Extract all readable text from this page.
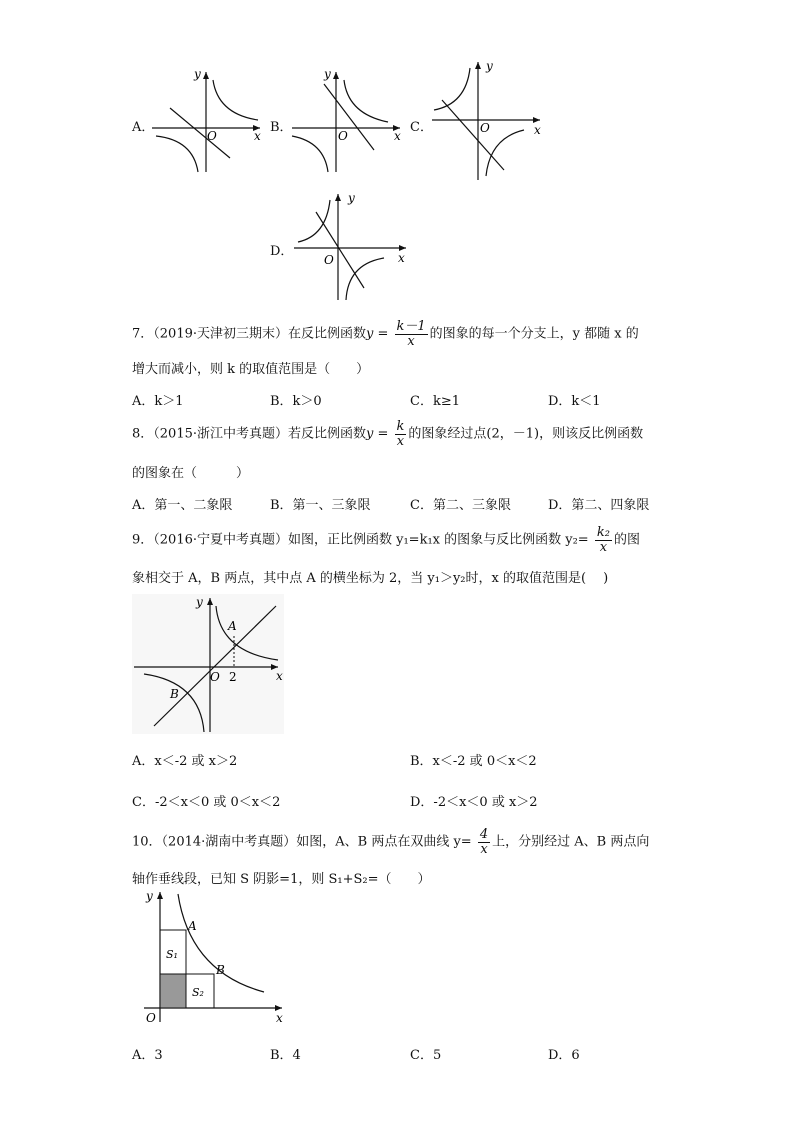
A．
y
x
O
B．
y
x
O
C．
y
x
O
D．
y
x
O
7．（2019·天津初三期末）在反比例函数$y = \frac{k-1}{x}$ 的图象的每一个分支上，y 都随 x 的
增大而减小，则 k 的取值范围是（　　）
A．k＞1	B．k＞0	C．k≥1	D．k＜1
8．（2015·浙江中考真题）若反比例函数$y = \frac{k}{x}$ 的图象经过点(2，－1)，则该反比例函数
的图象在（　　　）
A．第一、二象限	B．第一、三象限	C．第二、三象限	D．第二、四象限
9．（2016·宁夏中考真题）如图，正比例函数 y₁=k₁x 的图象与反比例函数 $y_2= \frac{\text{k₂}}{x}$ 的图
象相交于 A，B 两点，其中点 A 的横坐标为 2，当 y₁＞y₂时，x 的取值范围是(　 )
y
x
O 2
A
B
A．x＜-2 或 x＞2	B．x＜-2 或 0＜x＜2
C．-2＜x＜0 或 0＜x＜2	D．-2＜x＜0 或 x＞2
10．（2014·湖南中考真题）如图，A、B 两点在双曲线 $y= \frac{4}{x}$ 上，分别经过 A、B 两点向
轴作垂线段，已知 S 阴影=1，则 S₁+S₂=（　　）
y
x
O
S₁
S₂
A
B
A．3	B．4	C．5	D．6
